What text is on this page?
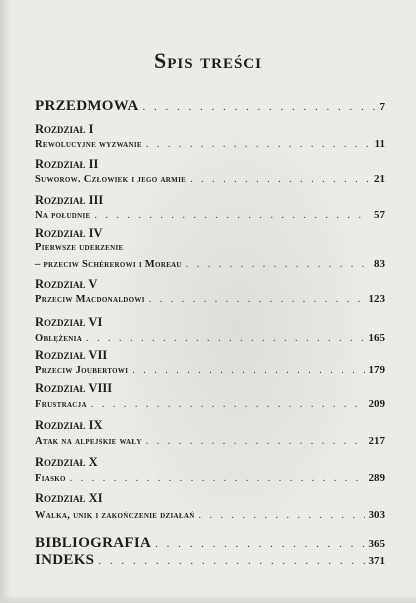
Spis treści
PRZEDMOWA . . .	7
Rozdział I
Rewolucyjne wyzwanie . . .	11
Rozdział II
Suworow. Człowiek i jego armie . . .	21
Rozdział III
Na południe . . .	57
Rozdział IV
Pierwsze uderzenie
– przeciw Schérerowi i Moreau . . .	83
Rozdział V
Przeciw Macdonaldowi . . .	123
Rozdział VI
Oblężenia . . .	165
Rozdział VII
Przeciw Joubertowi . . .	179
Rozdział VIII
Frustracja . . .	209
Rozdział IX
Atak na alpejskie wały . . .	217
Rozdział X
Fiasko . . .	289
Rozdział XI
Walka, unik i zakończenie działań . . .	303
BIBLIOGRAFIA . . .	365
INDEKS . . .	371
